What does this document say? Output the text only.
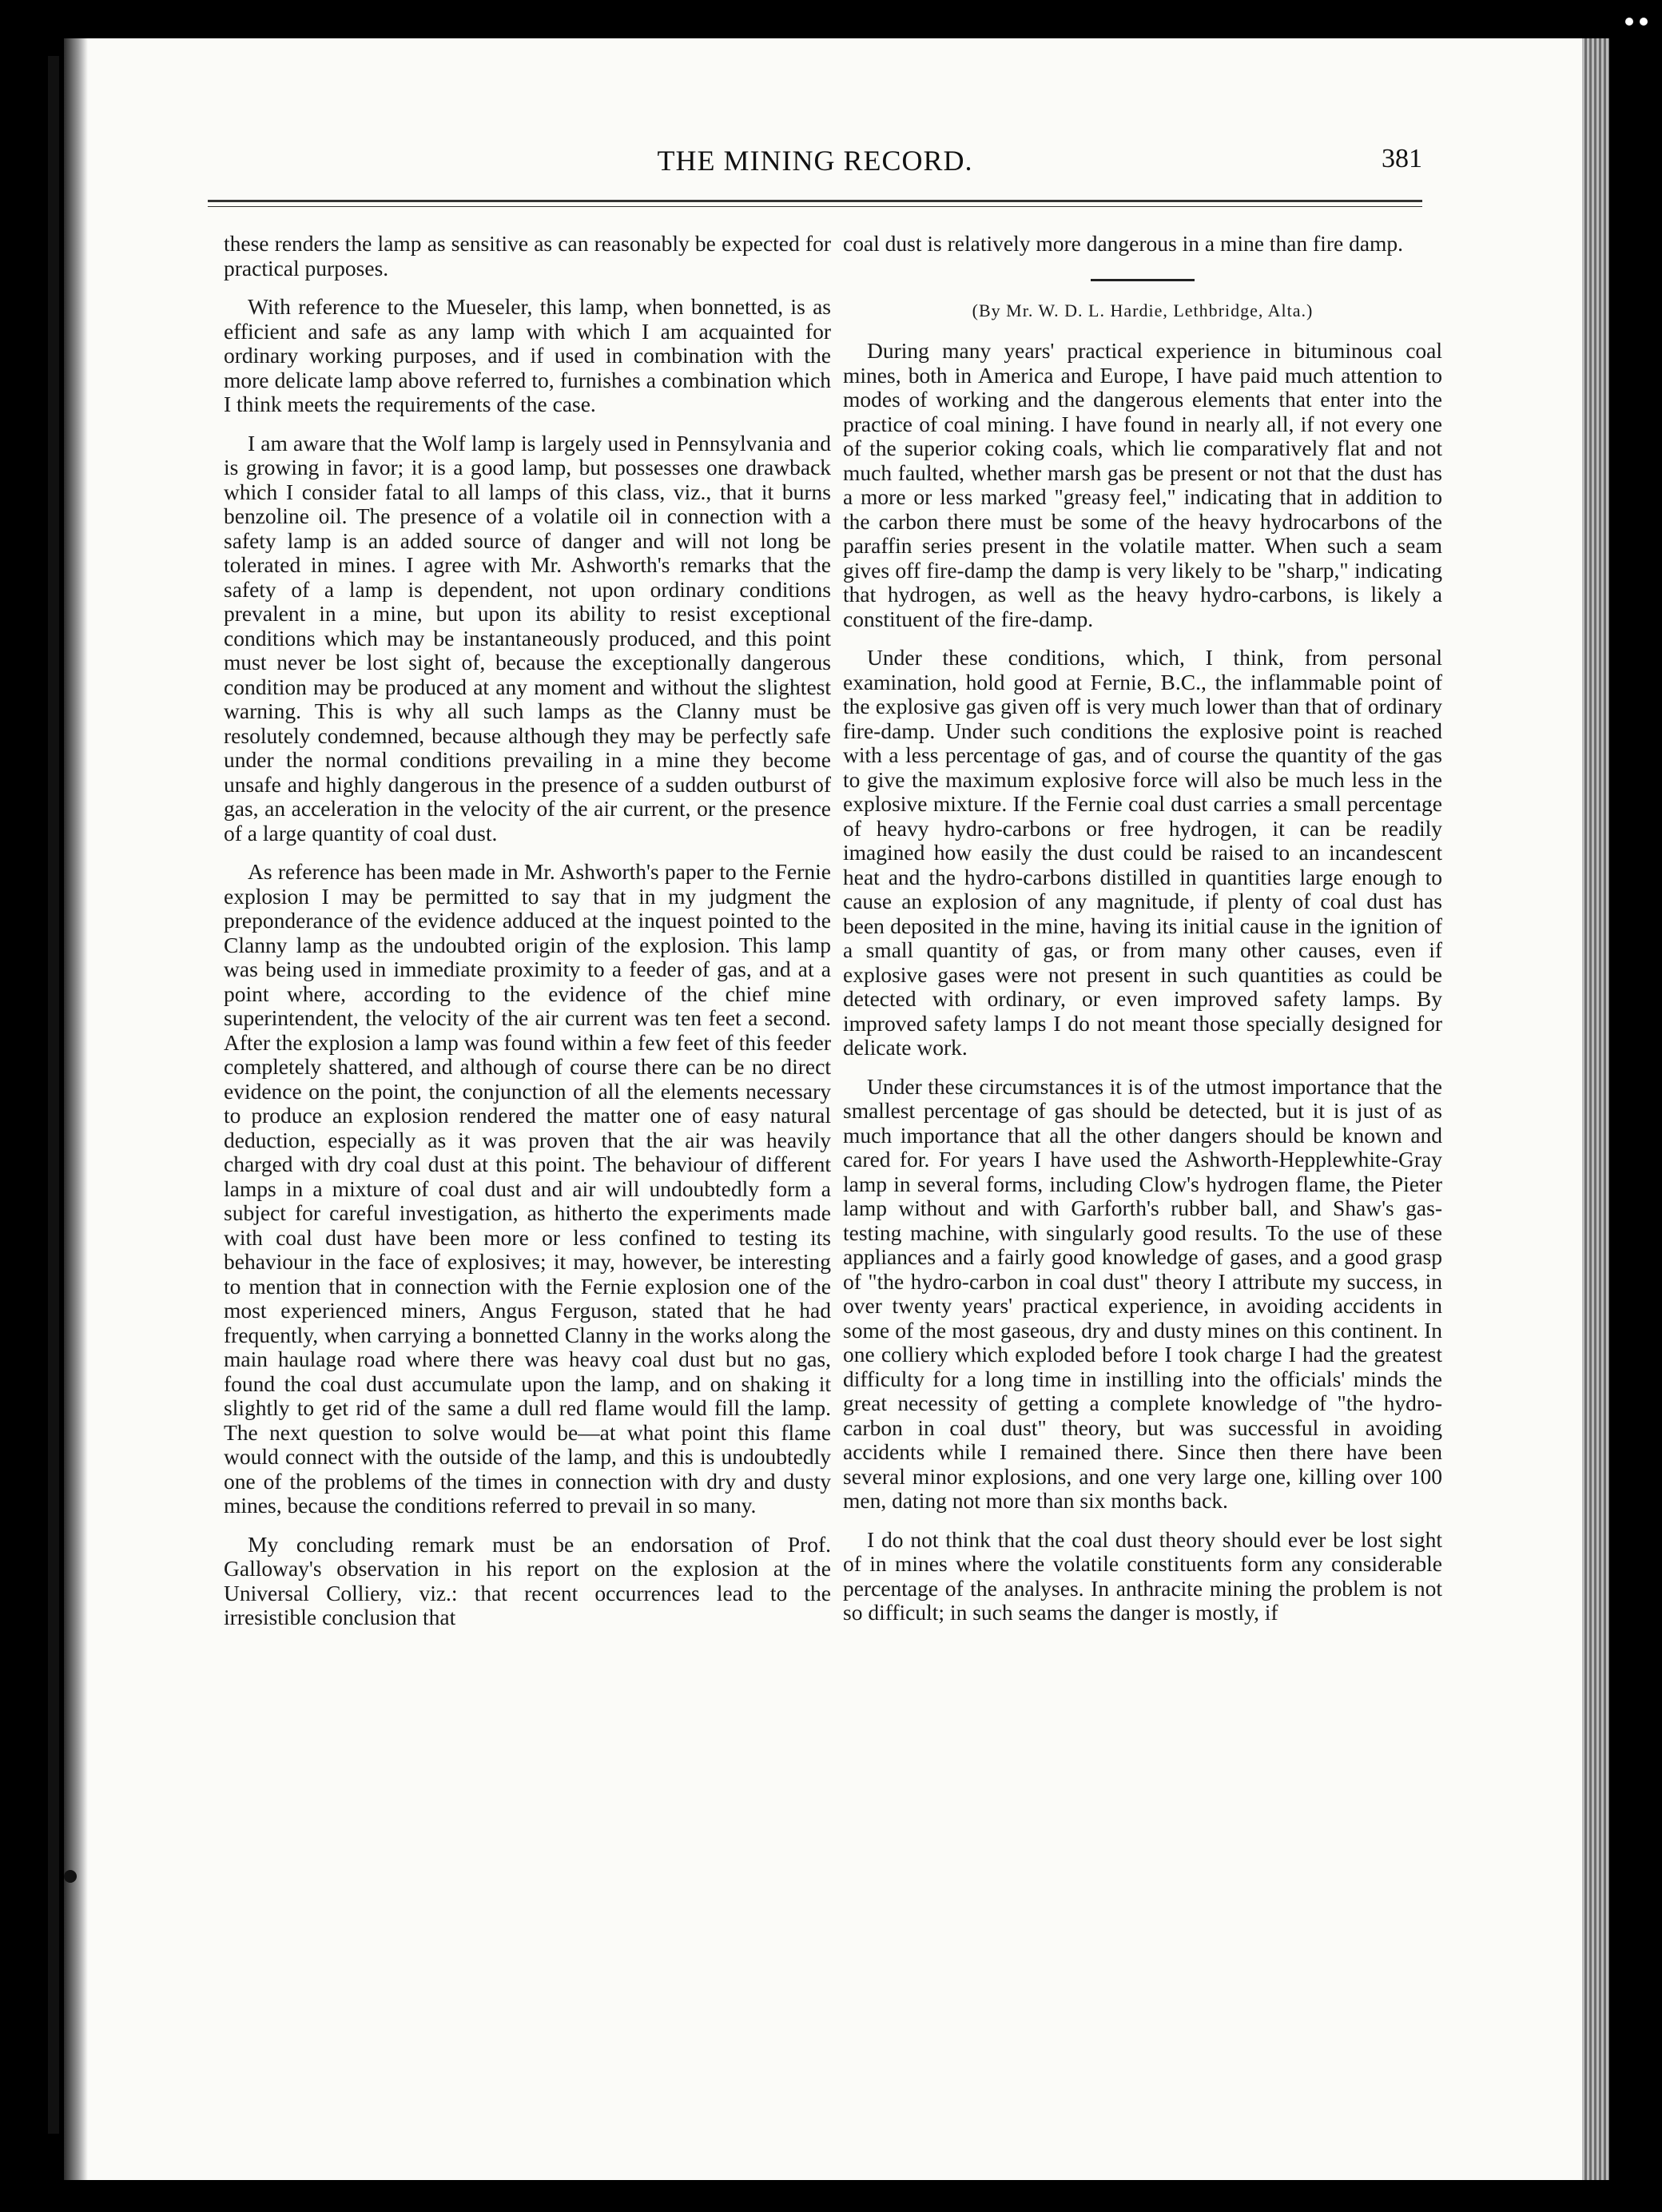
THE MINING RECORD.	381

these renders the lamp as sensitive as can reasonably be expected for practical purposes.

With reference to the Mueseler, this lamp, when bonnetted, is as efficient and safe as any lamp with which I am acquainted for ordinary working purposes, and if used in combination with the more delicate lamp above referred to, furnishes a combination which I think meets the requirements of the case.

I am aware that the Wolf lamp is largely used in Pennsylvania and is growing in favor; it is a good lamp, but possesses one drawback which I consider fatal to all lamps of this class, viz., that it burns benzoline oil. The presence of a volatile oil in connection with a safety lamp is an added source of danger and will not long be tolerated in mines. I agree with Mr. Ashworth's remarks that the safety of a lamp is dependent, not upon ordinary conditions prevalent in a mine, but upon its ability to resist exceptional conditions which may be instantaneously produced, and this point must never be lost sight of, because the exceptionally dangerous condition may be produced at any moment and without the slightest warning. This is why all such lamps as the Clanny must be resolutely condemned, because although they may be perfectly safe under the normal conditions prevailing in a mine they become unsafe and highly dangerous in the presence of a sudden outburst of gas, an acceleration in the velocity of the air current, or the presence of a large quantity of coal dust.

As reference has been made in Mr. Ashworth's paper to the Fernie explosion I may be permitted to say that in my judgment the preponderance of the evidence adduced at the inquest pointed to the Clanny lamp as the undoubted origin of the explosion. This lamp was being used in immediate proximity to a feeder of gas, and at a point where, according to the evidence of the chief mine superintendent, the velocity of the air current was ten feet a second. After the explosion a lamp was found within a few feet of this feeder completely shattered, and although of course there can be no direct evidence on the point, the conjunction of all the elements necessary to produce an explosion rendered the matter one of easy natural deduction, especially as it was proven that the air was heavily charged with dry coal dust at this point. The behaviour of different lamps in a mixture of coal dust and air will undoubtedly form a subject for careful investigation, as hitherto the experiments made with coal dust have been more or less confined to testing its behaviour in the face of explosives; it may, however, be interesting to mention that in connection with the Fernie explosion one of the most experienced miners, Angus Ferguson, stated that he had frequently, when carrying a bonnetted Clanny in the works along the main haulage road where there was heavy coal dust but no gas, found the coal dust accumulate upon the lamp, and on shaking it slightly to get rid of the same a dull red flame would fill the lamp. The next question to solve would be—at what point this flame would connect with the outside of the lamp, and this is undoubtedly one of the problems of the times in connection with dry and dusty mines, because the conditions referred to prevail in so many.

My concluding remark must be an endorsation of Prof. Galloway's observation in his report on the explosion at the Universal Colliery, viz.: that recent occurrences lead to the irresistible conclusion that

coal dust is relatively more dangerous in a mine than fire damp.

(By Mr. W. D. L. Hardie, Lethbridge, Alta.)

During many years' practical experience in bituminous coal mines, both in America and Europe, I have paid much attention to modes of working and the dangerous elements that enter into the practice of coal mining. I have found in nearly all, if not every one of the superior coking coals, which lie comparatively flat and not much faulted, whether marsh gas be present or not that the dust has a more or less marked "greasy feel," indicating that in addition to the carbon there must be some of the heavy hydrocarbons of the paraffin series present in the volatile matter. When such a seam gives off fire-damp the damp is very likely to be "sharp," indicating that hydrogen, as well as the heavy hydro-carbons, is likely a constituent of the fire-damp.

Under these conditions, which, I think, from personal examination, hold good at Fernie, B.C., the inflammable point of the explosive gas given off is very much lower than that of ordinary fire-damp. Under such conditions the explosive point is reached with a less percentage of gas, and of course the quantity of the gas to give the maximum explosive force will also be much less in the explosive mixture. If the Fernie coal dust carries a small percentage of heavy hydro-carbons or free hydrogen, it can be readily imagined how easily the dust could be raised to an incandescent heat and the hydro-carbons distilled in quantities large enough to cause an explosion of any magnitude, if plenty of coal dust has been deposited in the mine, having its initial cause in the ignition of a small quantity of gas, or from many other causes, even if explosive gases were not present in such quantities as could be detected with ordinary, or even improved safety lamps. By improved safety lamps I do not meant those specially designed for delicate work.

Under these circumstances it is of the utmost importance that the smallest percentage of gas should be detected, but it is just of as much importance that all the other dangers should be known and cared for. For years I have used the Ashworth-Hepplewhite-Gray lamp in several forms, including Clow's hydrogen flame, the Pieter lamp without and with Garforth's rubber ball, and Shaw's gas-testing machine, with singularly good results. To the use of these appliances and a fairly good knowledge of gases, and a good grasp of "the hydro-carbon in coal dust" theory I attribute my success, in over twenty years' practical experience, in avoiding accidents in some of the most gaseous, dry and dusty mines on this continent. In one colliery which exploded before I took charge I had the greatest difficulty for a long time in instilling into the officials' minds the great necessity of getting a complete knowledge of "the hydro-carbon in coal dust" theory, but was successful in avoiding accidents while I remained there. Since then there have been several minor explosions, and one very large one, killing over 100 men, dating not more than six months back.

I do not think that the coal dust theory should ever be lost sight of in mines where the volatile constituents form any considerable percentage of the analyses. In anthracite mining the problem is not so difficult; in such seams the danger is mostly, if
